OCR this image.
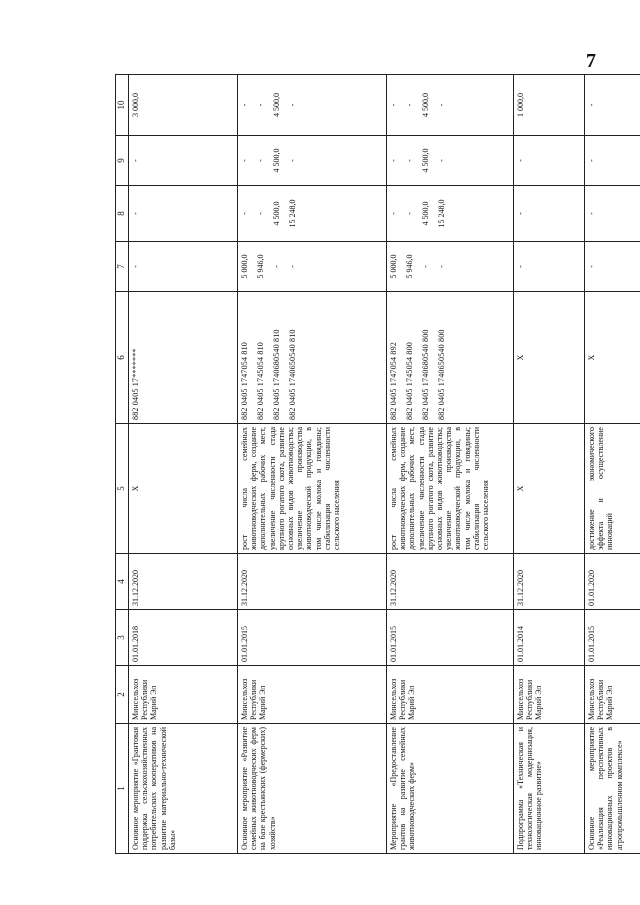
7
1	2	3	4	5	6	7	8	9	10
Основное мероприятие «Грантовая поддержка сельскохозяйственных потребительских кооперативов на развитие материально-технической базы»	Минсельхоз Республики Марий Эл	01.01.2018	31.12.2020	Х	882 0405 17*******	-	-	-	3 000,0
Основное мероприятие «Развитие семейных животноводческих ферм на базе крестьянских (фермерских) хозяйств»	Минсельхоз Республики Марий Эл	01.01.2015	31.12.2020	рост числа семейных животноводческих ферм, создание дополнительных рабочих мест, увеличение численности стада крупного рогатого скота, развитие основных видов животноводства; увеличение производства животноводческой продукции, в том числе молока и говядины; стабилизация численности сельского населения	882 0405 1747054 810	5 000,0	-	-	-
					882 0405 1745054 810	5 946,0	-	-	-
					882 0405 1740680540 810	-	4 500,0	4 500,0	4 500,0
					882 0405 1740650540 810	-	15 248,0	-	-
Мероприятие «Предоставление грантов на развитие семейных животноводческих ферм»	Минсельхоз Республики Марий Эл	01.01.2015	31.12.2020	рост числа семейных животноводческих ферм, создание дополнительных рабочих мест, увеличение численности стада крупного рогатого скота, развитие основных видов животноводства; увеличение производства животноводческой продукции, в том числе молока и говядины; стабилизация численности сельского населения	882 0405 1747054 892	5 000,0	-	-	-
					882 0405 1745054 800	5 946,0	-	-	-
					882 0405 1740680540 800	-	4 500,0	4 500,0	4 500,0
					882 0405 1740650540 800	-	15 248,0	-	-
Подпрограмма «Техническая и технологическая модернизация, инновационное развитие»	Минсельхоз Республики Марий Эл	01.01.2014	31.12.2020	Х	Х	-	-	-	1 000,0
Основное мероприятие «Реализация перспективных инновационных проектов в агропромышленном комплексе»	Минсельхоз Республики Марий Эл	01.01.2015	01.01.2020	достижение экономического эффекта и осуществление инноваций	Х	-	-	-	-
